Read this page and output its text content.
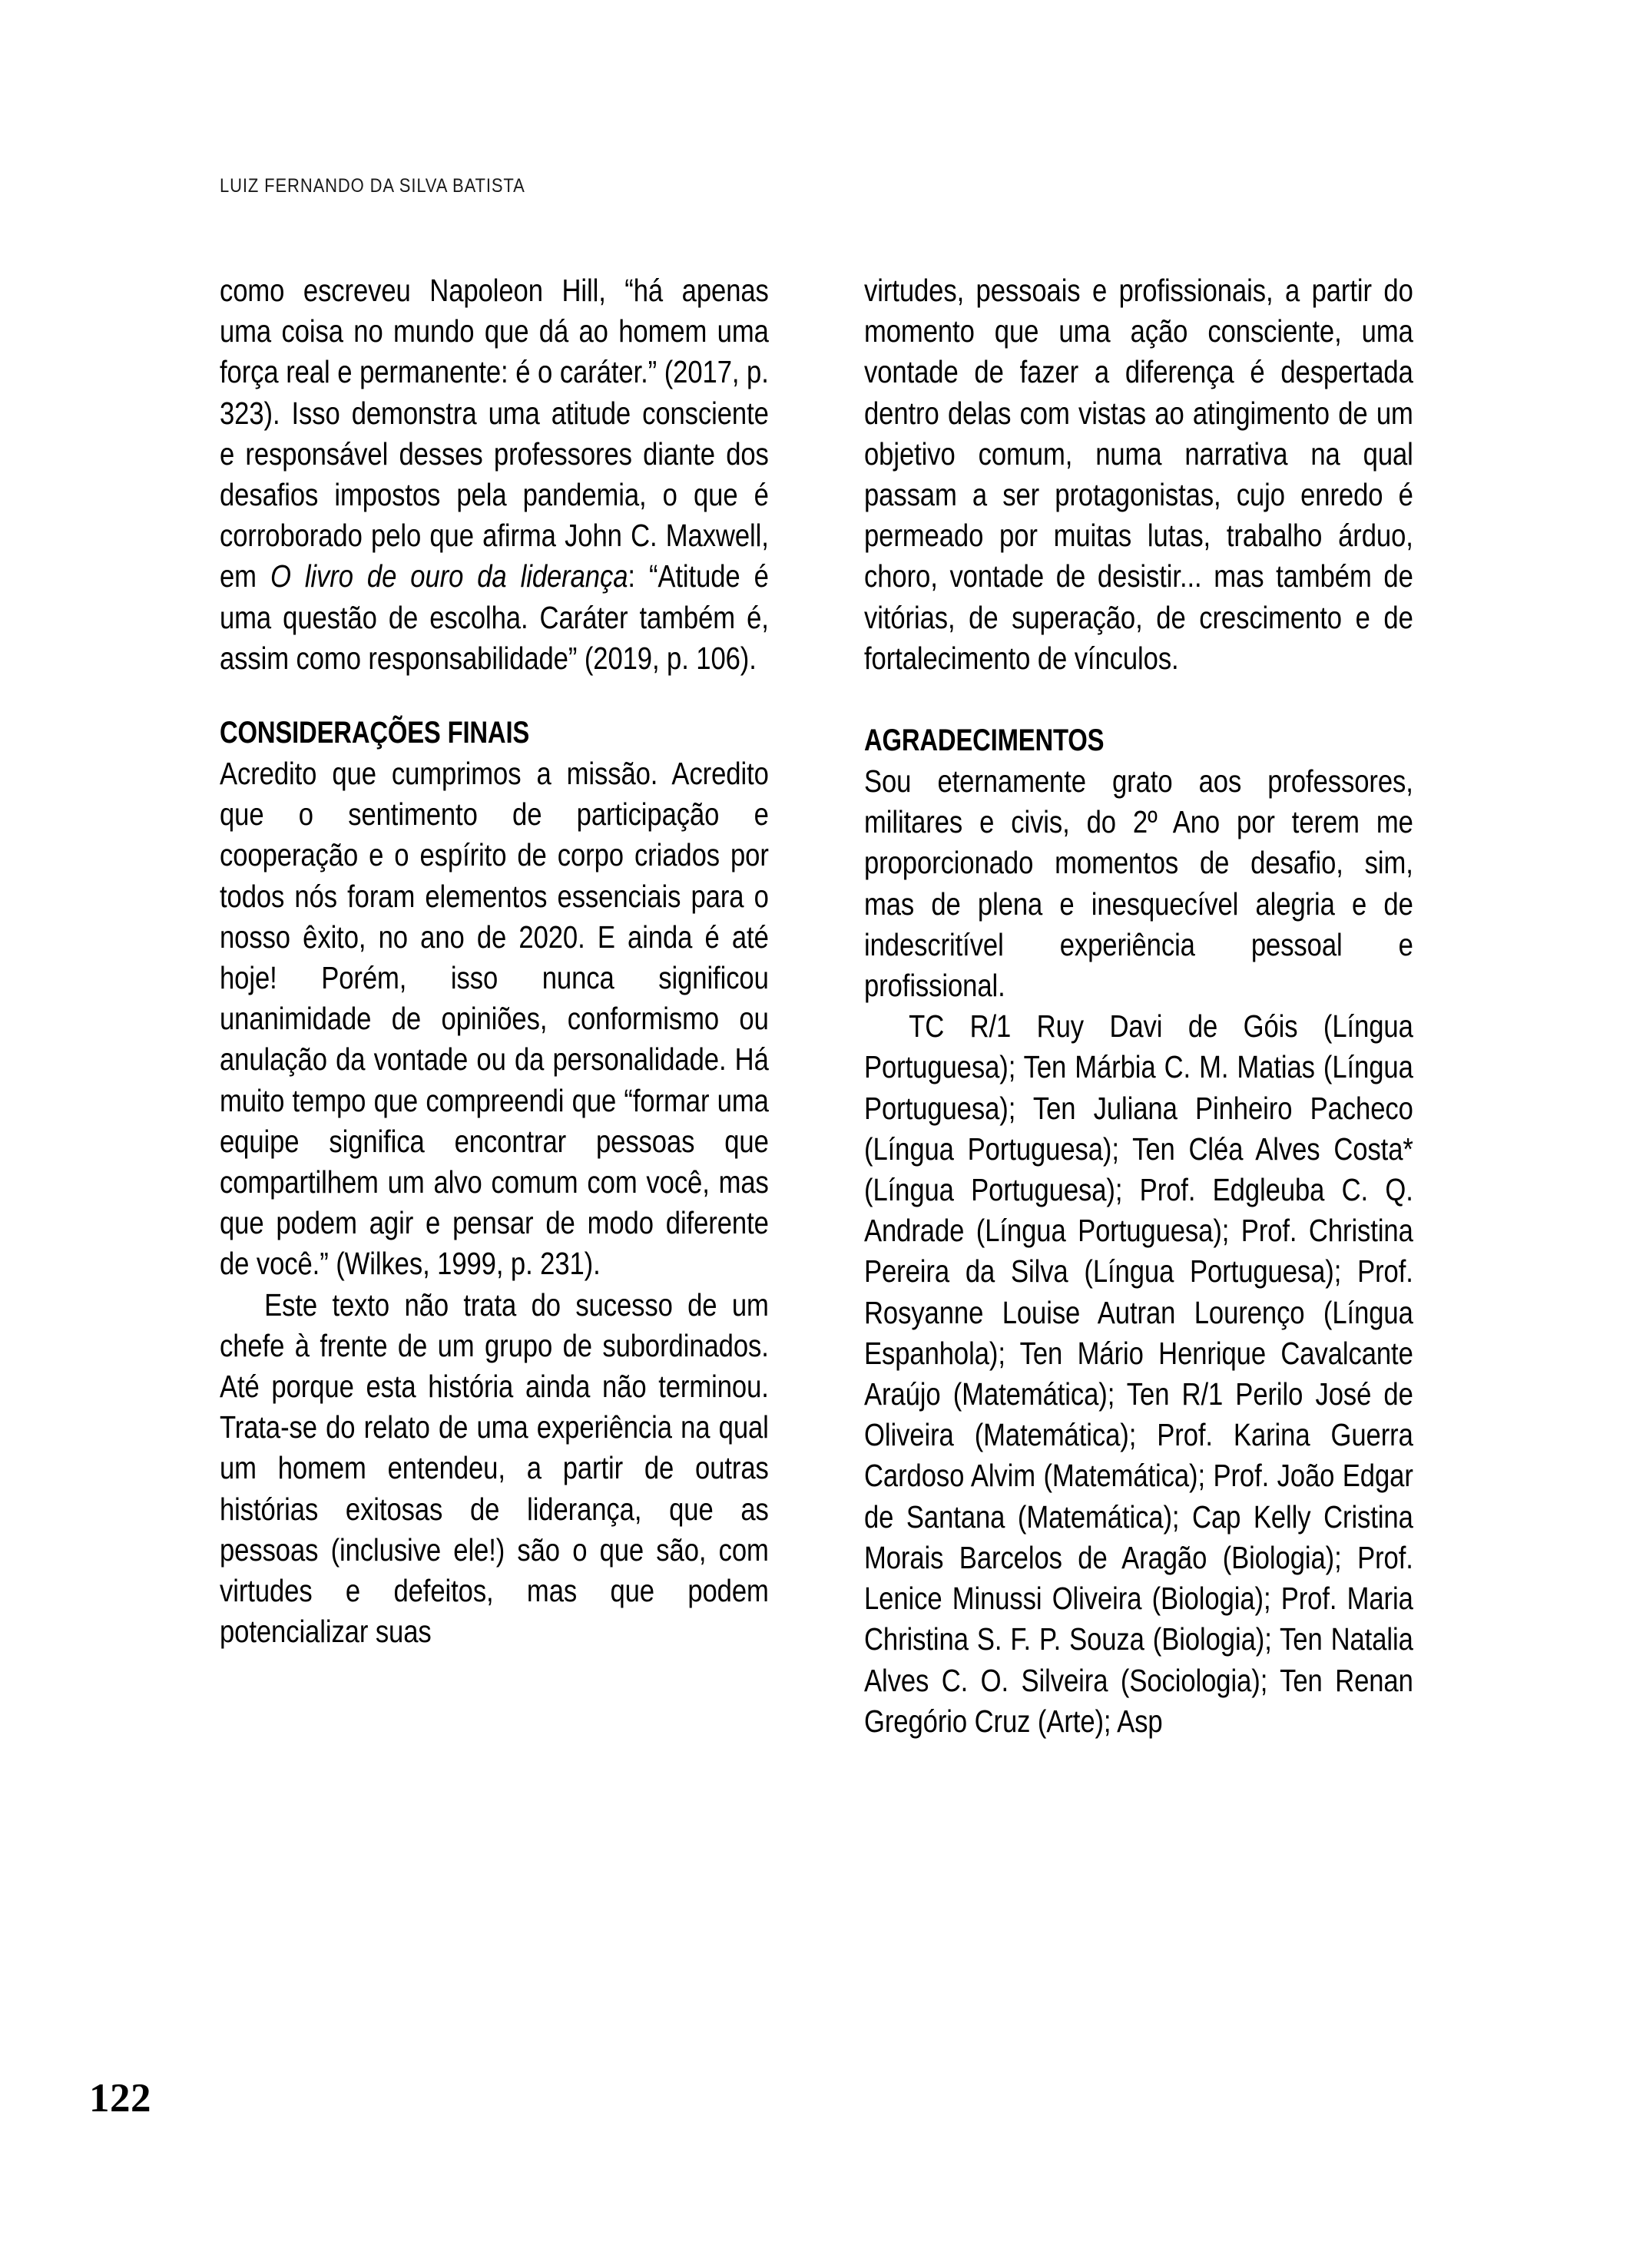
LUIZ FERNANDO DA SILVA BATISTA

como escreveu Napoleon Hill, “há apenas uma coisa no mundo que dá ao homem uma força real e permanente: é o caráter.” (2017, p. 323). Isso demonstra uma atitude consciente e responsável desses professores diante dos desafios impostos pela pandemia, o que é corroborado pelo que afirma John C. Maxwell, em O livro de ouro da liderança: “Atitude é uma questão de escolha. Caráter também é, assim como responsabilidade” (2019, p. 106).

CONSIDERAÇÕES FINAIS

Acredito que cumprimos a missão. Acredito que o sentimento de participação e cooperação e o espírito de corpo criados por todos nós foram elementos essenciais para o nosso êxito, no ano de 2020. E ainda é até hoje! Porém, isso nunca significou unanimidade de opiniões, conformismo ou anulação da vontade ou da personalidade. Há muito tempo que compreendi que “formar uma equipe significa encontrar pessoas que compartilhem um alvo comum com você, mas que podem agir e pensar de modo diferente de você.” (Wilkes, 1999, p. 231).

Este texto não trata do sucesso de um chefe à frente de um grupo de subordinados. Até porque esta história ainda não terminou. Trata-se do relato de uma experiência na qual um homem entendeu, a partir de outras histórias exitosas de liderança, que as pessoas (inclusive ele!) são o que são, com virtudes e defeitos, mas que podem potencializar suas

virtudes, pessoais e profissionais, a partir do momento que uma ação consciente, uma vontade de fazer a diferença é despertada dentro delas com vistas ao atingimento de um objetivo comum, numa narrativa na qual passam a ser protagonistas, cujo enredo é permeado por muitas lutas, trabalho árduo, choro, vontade de desistir... mas também de vitórias, de superação, de crescimento e de fortalecimento de vínculos.

AGRADECIMENTOS

Sou eternamente grato aos professores, militares e civis, do 2º Ano por terem me proporcionado momentos de desafio, sim, mas de plena e inesquecível alegria e de indescritível experiência pessoal e profissional.

TC R/1 Ruy Davi de Góis (Língua Portuguesa); Ten Márbia C. M. Matias (Língua Portuguesa); Ten Juliana Pinheiro Pacheco (Língua Portuguesa); Ten Cléa Alves Costa* (Língua Portuguesa); Prof. Edgleuba C. Q. Andrade (Língua Portuguesa); Prof. Christina Pereira da Silva (Língua Portuguesa); Prof. Rosyanne Louise Autran Lourenço (Língua Espanhola); Ten Mário Henrique Cavalcante Araújo (Matemática); Ten R/1 Perilo José de Oliveira (Matemática); Prof. Karina Guerra Cardoso Alvim (Matemática); Prof. João Edgar de Santana (Matemática); Cap Kelly Cristina Morais Barcelos de Aragão (Biologia); Prof. Lenice Minussi Oliveira (Biologia); Prof. Maria Christina S. F. P. Souza (Biologia); Ten Natalia Alves C. O. Silveira (Sociologia); Ten Renan Gregório Cruz (Arte); Asp

122
